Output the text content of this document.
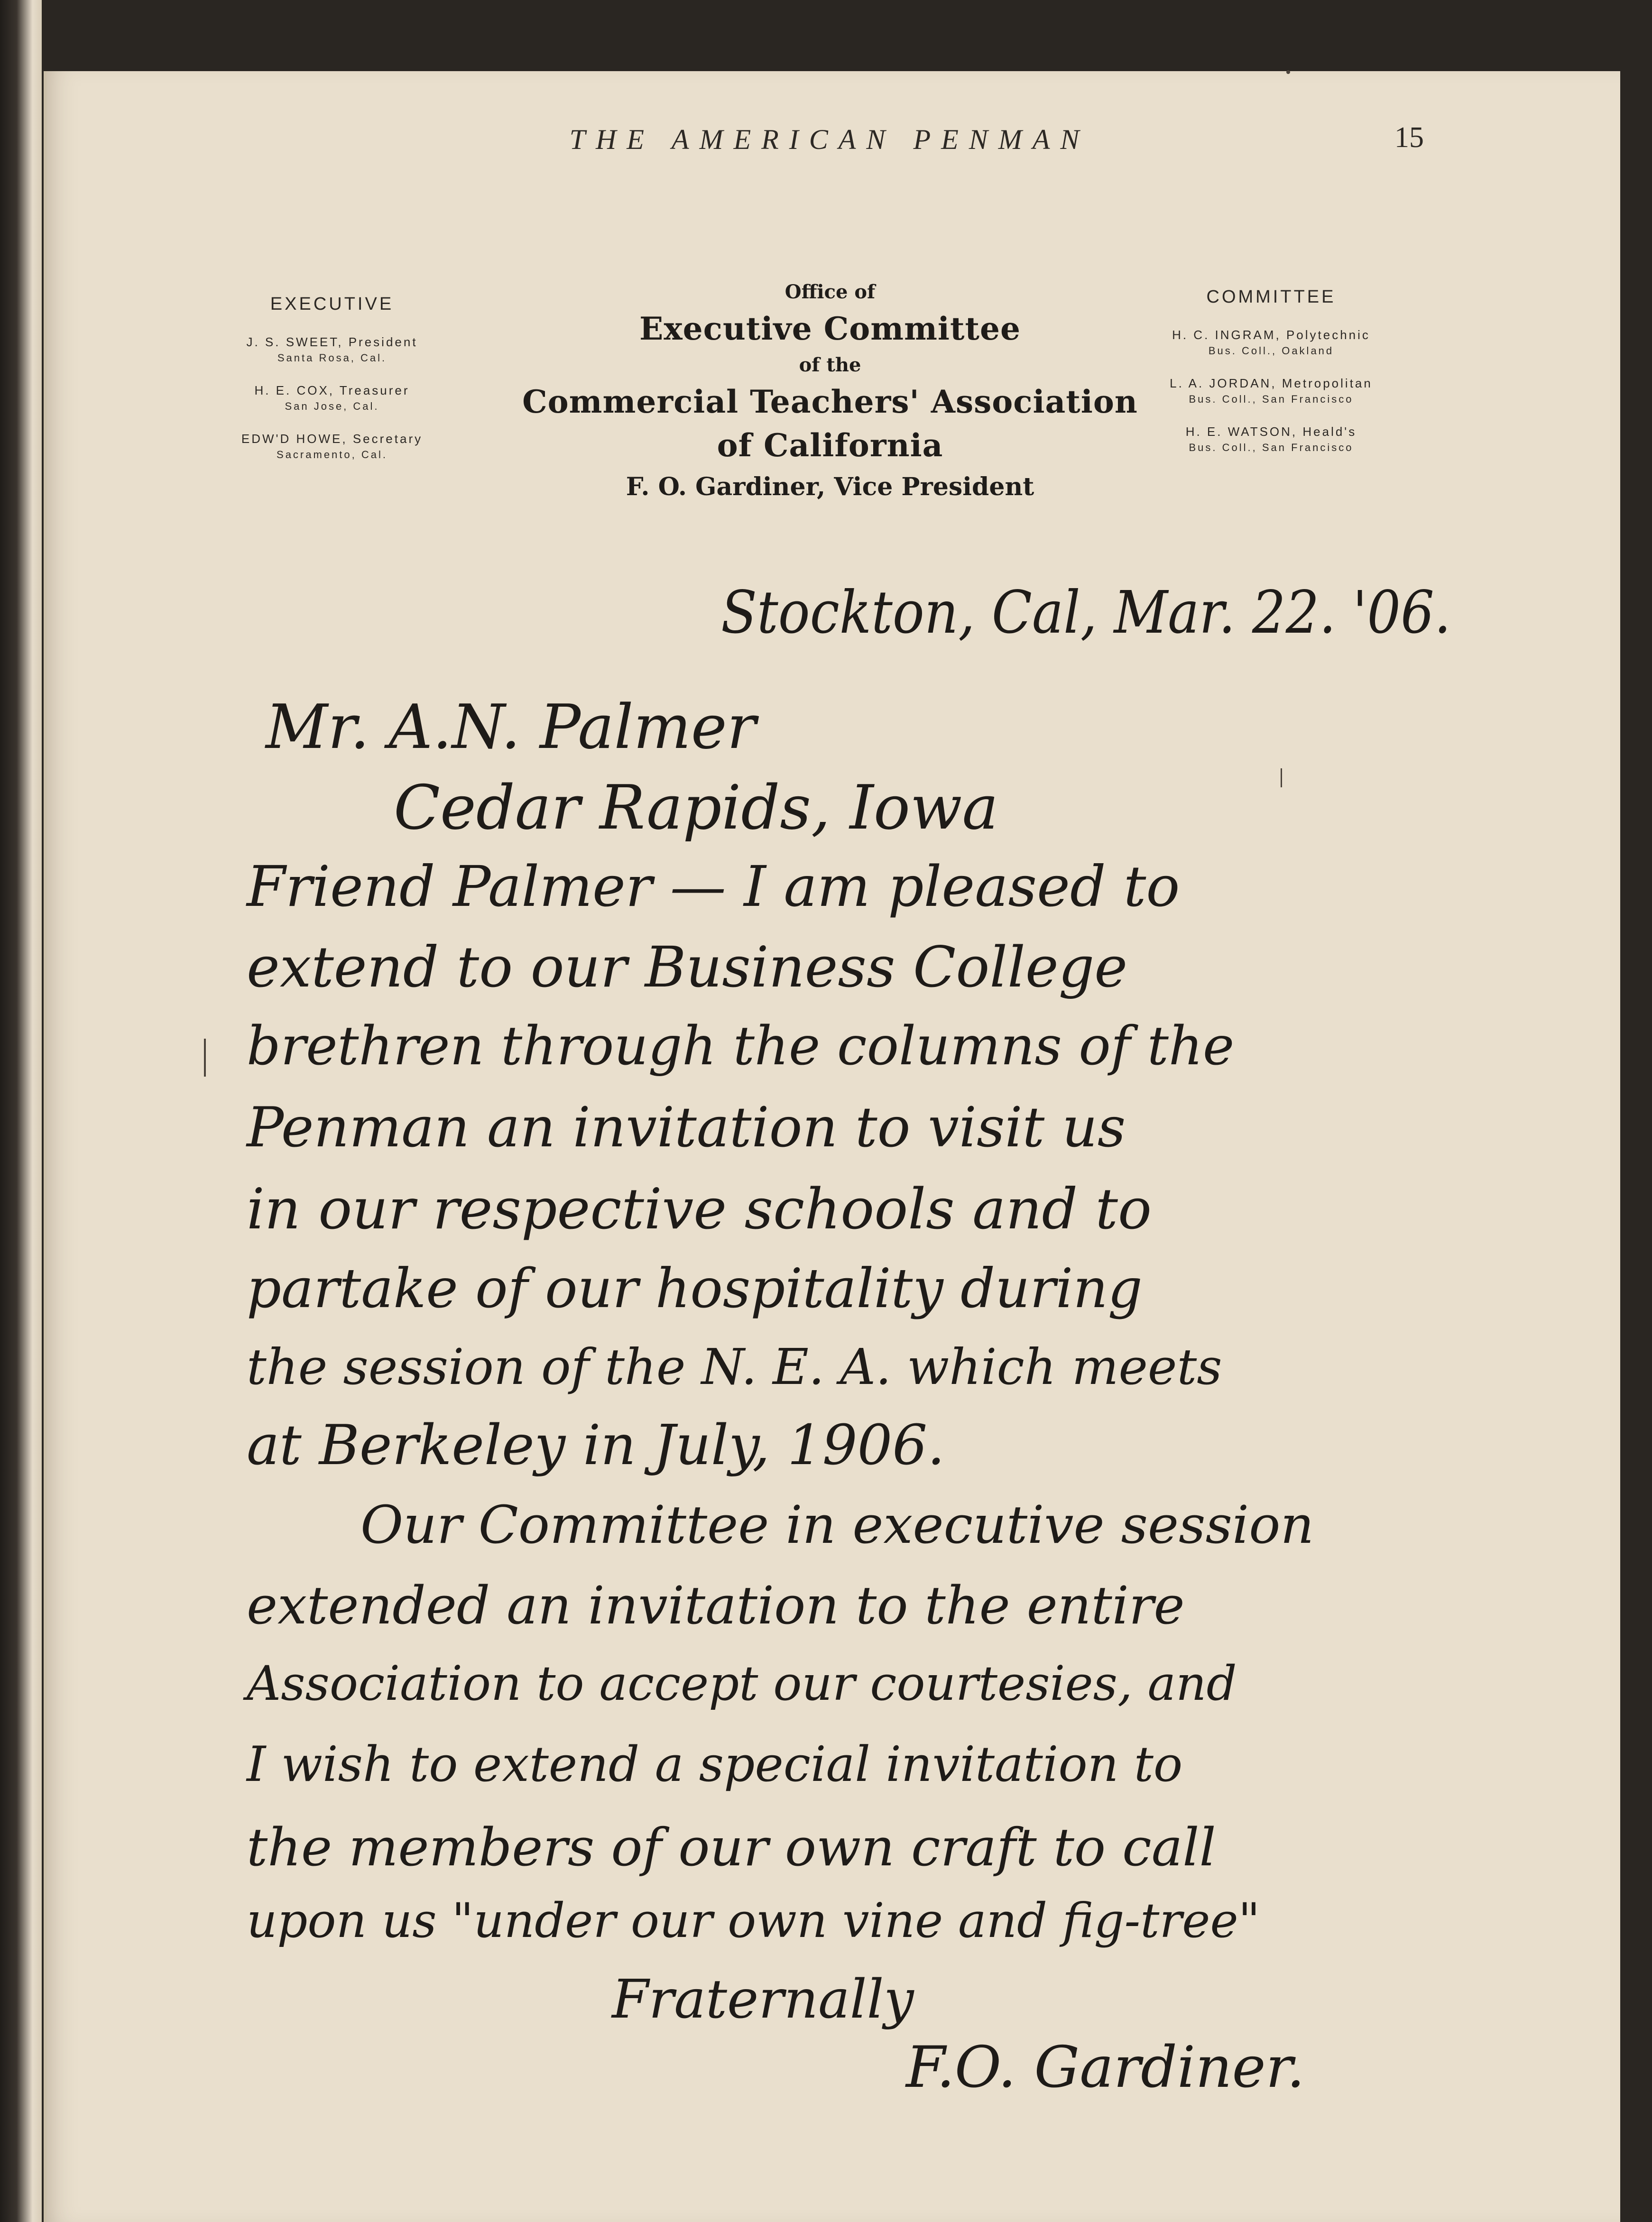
THE AMERICAN PENMAN	15
EXECUTIVE
J. S. SWEET, President
Santa Rosa, Cal.
H. E. COX, Treasurer
San Jose, Cal.
EDW'D HOWE, Secretary
Sacramento, Cal.
Office of
Executive Committee
of the
Commercial Teachers' Association
of California
F. O. Gardiner, Vice President
COMMITTEE
H. C. INGRAM, Polytechnic
Bus. Coll., Oakland
L. A. JORDAN, Metropolitan
Bus. Coll., San Francisco
H. E. WATSON, Heald's
Bus. Coll., San Francisco
Stockton, Cal, Mar. 22. '06.
Mr. A.N. Palmer
Cedar Rapids, Iowa
Friend Palmer — I am pleased to
extend to our Business College
brethren through the columns of the
Penman an invitation to visit us
in our respective schools and to
partake of our hospitality during
the session of the N. E. A. which meets
at Berkeley in July, 1906.
Our Committee in executive session
extended an invitation to the entire
Association to accept our courtesies, and
I wish to extend a special invitation to
the members of our own craft to call
upon us "under our own vine and fig-tree"
Fraternally
F.O. Gardiner.
